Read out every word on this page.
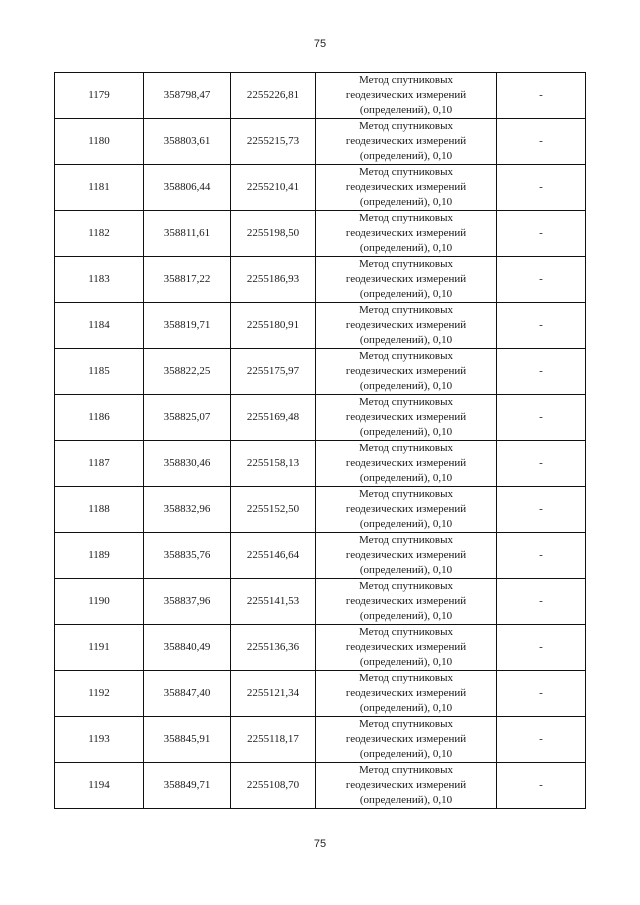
75
1179	358798,47	2255226,81	Метод спутниковых
геодезических измерений
(определений), 0,10	-
1180	358803,61	2255215,73	Метод спутниковых
геодезических измерений
(определений), 0,10	-
1181	358806,44	2255210,41	Метод спутниковых
геодезических измерений
(определений), 0,10	-
1182	358811,61	2255198,50	Метод спутниковых
геодезических измерений
(определений), 0,10	-
1183	358817,22	2255186,93	Метод спутниковых
геодезических измерений
(определений), 0,10	-
1184	358819,71	2255180,91	Метод спутниковых
геодезических измерений
(определений), 0,10	-
1185	358822,25	2255175,97	Метод спутниковых
геодезических измерений
(определений), 0,10	-
1186	358825,07	2255169,48	Метод спутниковых
геодезических измерений
(определений), 0,10	-
1187	358830,46	2255158,13	Метод спутниковых
геодезических измерений
(определений), 0,10	-
1188	358832,96	2255152,50	Метод спутниковых
геодезических измерений
(определений), 0,10	-
1189	358835,76	2255146,64	Метод спутниковых
геодезических измерений
(определений), 0,10	-
1190	358837,96	2255141,53	Метод спутниковых
геодезических измерений
(определений), 0,10	-
1191	358840,49	2255136,36	Метод спутниковых
геодезических измерений
(определений), 0,10	-
1192	358847,40	2255121,34	Метод спутниковых
геодезических измерений
(определений), 0,10	-
1193	358845,91	2255118,17	Метод спутниковых
геодезических измерений
(определений), 0,10	-
1194	358849,71	2255108,70	Метод спутниковых
геодезических измерений
(определений), 0,10	-
75
